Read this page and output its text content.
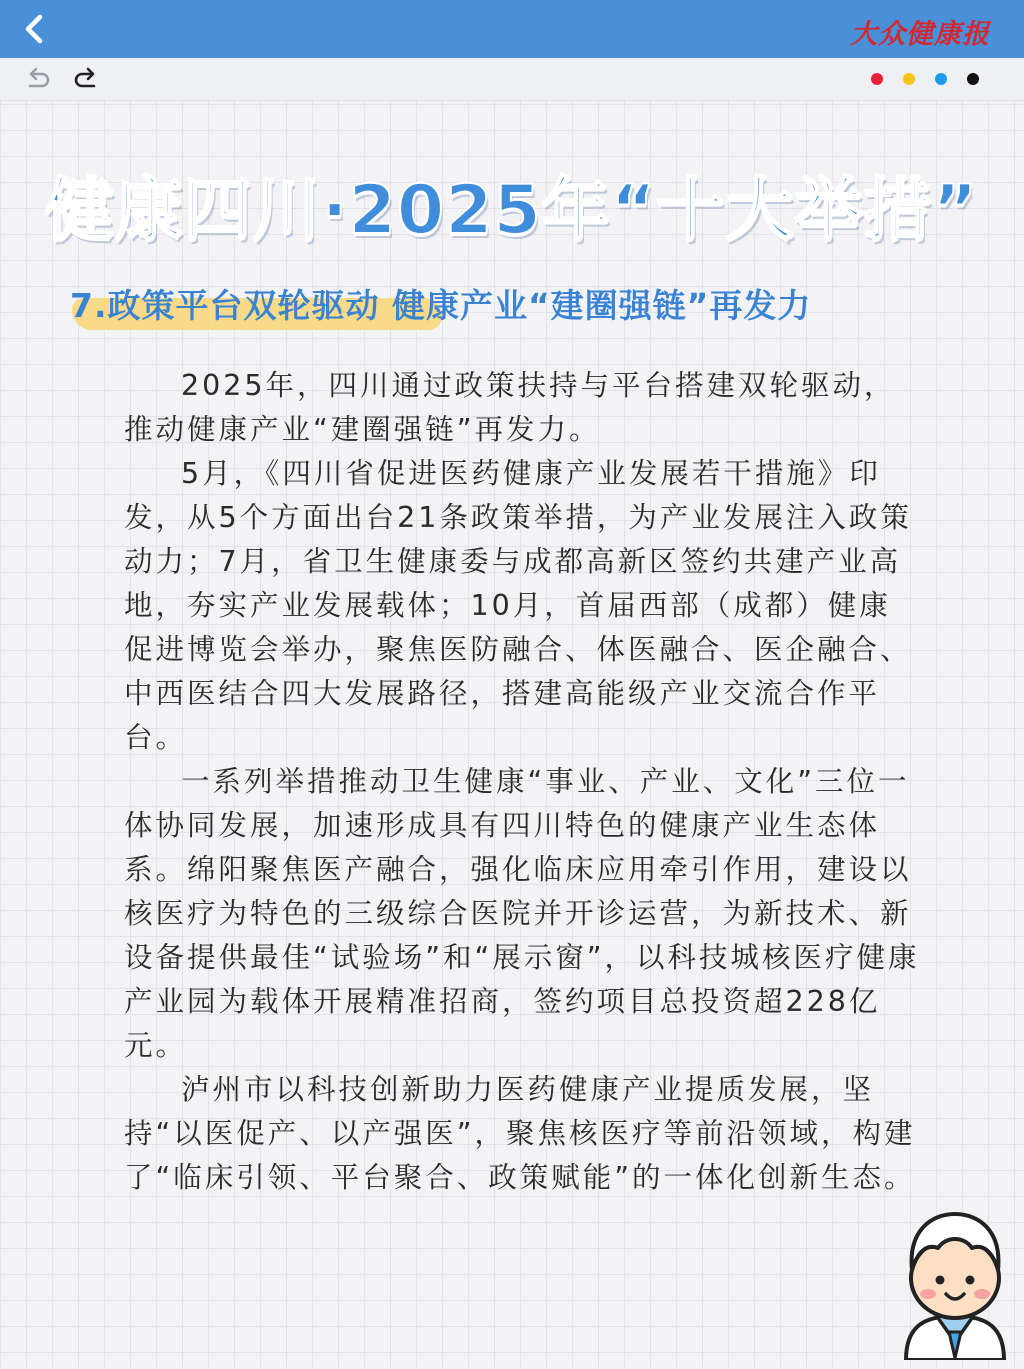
大众健康报
健康四川·2025年“十大举措”
7.政策平台双轮驱动 健康产业“建圈强链”再发力

2025年，四川通过政策扶持与平台搭建双轮驱动，推动健康产业“建圈强链”再发力。

5月，《四川省促进医药健康产业发展若干措施》印发，从5个方面出台21条政策举措，为产业发展注入政策动力；7月，省卫生健康委与成都高新区签约共建产业高地，夯实产业发展载体；10月，首届西部（成都）健康促进博览会举办，聚焦医防融合、体医融合、医企融合、中西医结合四大发展路径，搭建高能级产业交流合作平台。

一系列举措推动卫生健康“事业、产业、文化”三位一体协同发展，加速形成具有四川特色的健康产业生态体系。绵阳聚焦医产融合，强化临床应用牵引作用，建设以核医疗为特色的三级综合医院并开诊运营，为新技术、新设备提供最佳“试验场”和“展示窗”，以科技城核医疗健康产业园为载体开展精准招商，签约项目总投资超228亿元。

泸州市以科技创新助力医药健康产业提质发展，坚持“以医促产、以产强医”，聚焦核医疗等前沿领域，构建了“临床引领、平台聚合、政策赋能”的一体化创新生态。
